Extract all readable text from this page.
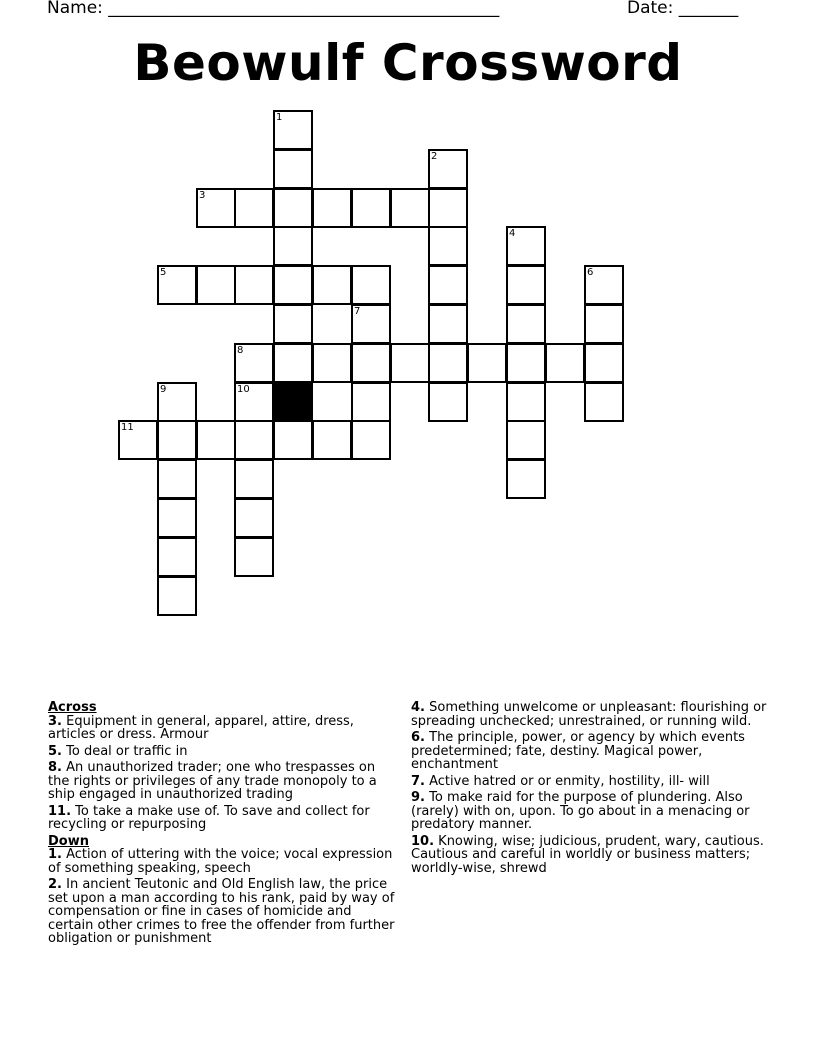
Name: ______________________________________________	Date: _______
Beowulf Crossword
1
2
3
4
5	6
7
8
9	10
11
Across
3. Equipment in general, apparel, attire, dress, articles or dress. Armour
5. To deal or traffic in
8. An unauthorized trader; one who trespasses on the rights or privileges of any trade monopoly to a ship engaged in unauthorized trading
11. To take a make use of. To save and collect for recycling or repurposing
Down
1. Action of uttering with the voice; vocal expression of something speaking, speech
2. In ancient Teutonic and Old English law, the price set upon a man according to his rank, paid by way of compensation or fine in cases of homicide and certain other crimes to free the offender from further obligation or punishment
4. Something unwelcome or unpleasant: flourishing or spreading unchecked; unrestrained, or running wild.
6. The principle, power, or agency by which events predetermined; fate, destiny. Magical power, enchantment
7. Active hatred or or enmity, hostility, ill- will
9. To make raid for the purpose of plundering. Also (rarely) with on, upon. To go about in a menacing or predatory manner.
10. Knowing, wise; judicious, prudent, wary, cautious. Cautious and careful in worldly or business matters; worldly-wise, shrewd
